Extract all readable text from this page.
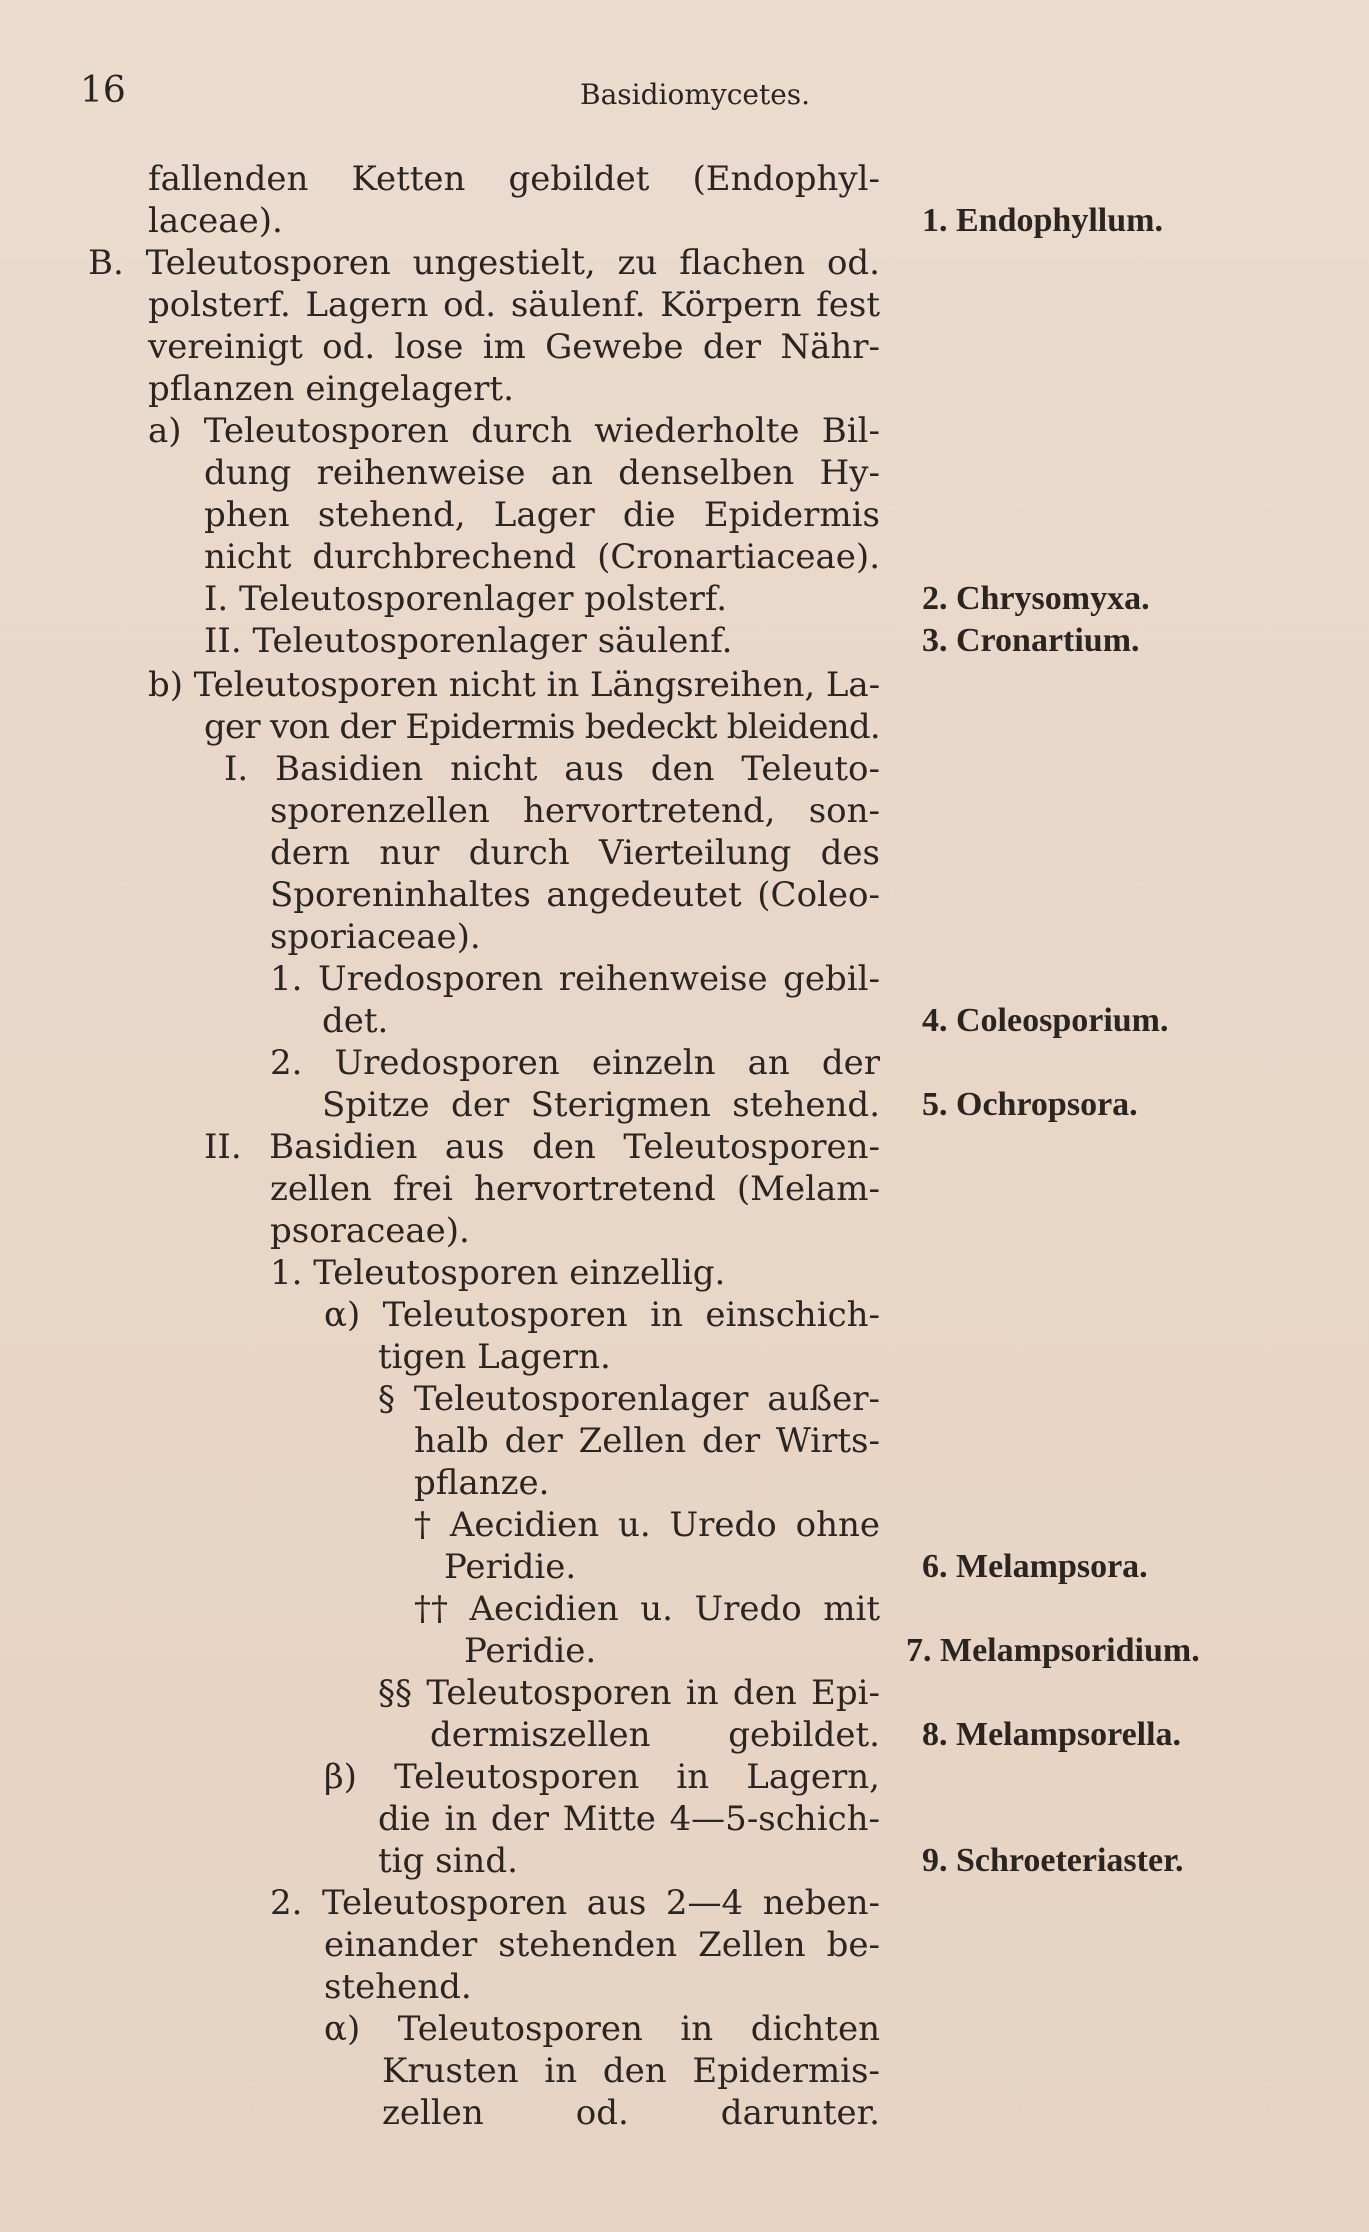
16	Basidiomycetes.
fallenden Ketten gebildet (Endophyl-
laceae).
B. Teleutosporen ungestielt, zu flachen od.
polsterf. Lagern od. säulenf. Körpern fest
vereinigt od. lose im Gewebe der Nähr-
pflanzen eingelagert.
a) Teleutosporen durch wiederholte Bil-
dung reihenweise an denselben Hy-
phen stehend, Lager die Epidermis
nicht durchbrechend (Cronartiaceae).
I. Teleutosporenlager polsterf.
II. Teleutosporenlager säulenf.
b) Teleutosporen nicht in Längsreihen, La-
ger von der Epidermis bedeckt bleidend.
I. Basidien nicht aus den Teleuto-
sporenzellen hervortretend, son-
dern nur durch Vierteilung des
Sporeninhaltes angedeutet (Coleo-
sporiaceae).
1. Uredosporen reihenweise gebil-
det.
2. Uredosporen einzeln an der
Spitze der Sterigmen stehend.
II. Basidien aus den Teleutosporen-
zellen frei hervortretend (Melam-
psoraceae).
1. Teleutosporen einzellig.
α) Teleutosporen in einschich-
tigen Lagern.
§ Teleutosporenlager außer-
halb der Zellen der Wirts-
pflanze.
† Aecidien u. Uredo ohne
Peridie.
†† Aecidien u. Uredo mit
Peridie.
§§ Teleutosporen in den Epi-
dermiszellen gebildet.
β) Teleutosporen in Lagern,
die in der Mitte 4—5-schich-
tig sind.
2. Teleutosporen aus 2—4 neben-
einander stehenden Zellen be-
stehend.
α) Teleutosporen in dichten
Krusten in den Epidermis-
zellen od. darunter.
1. Endophyllum.
2. Chrysomyxa.
3. Cronartium.
4. Coleosporium.
5. Ochropsora.
6. Melampsora.
7. Melampsoridium.
8. Melampsorella.
9. Schroeteriaster.
